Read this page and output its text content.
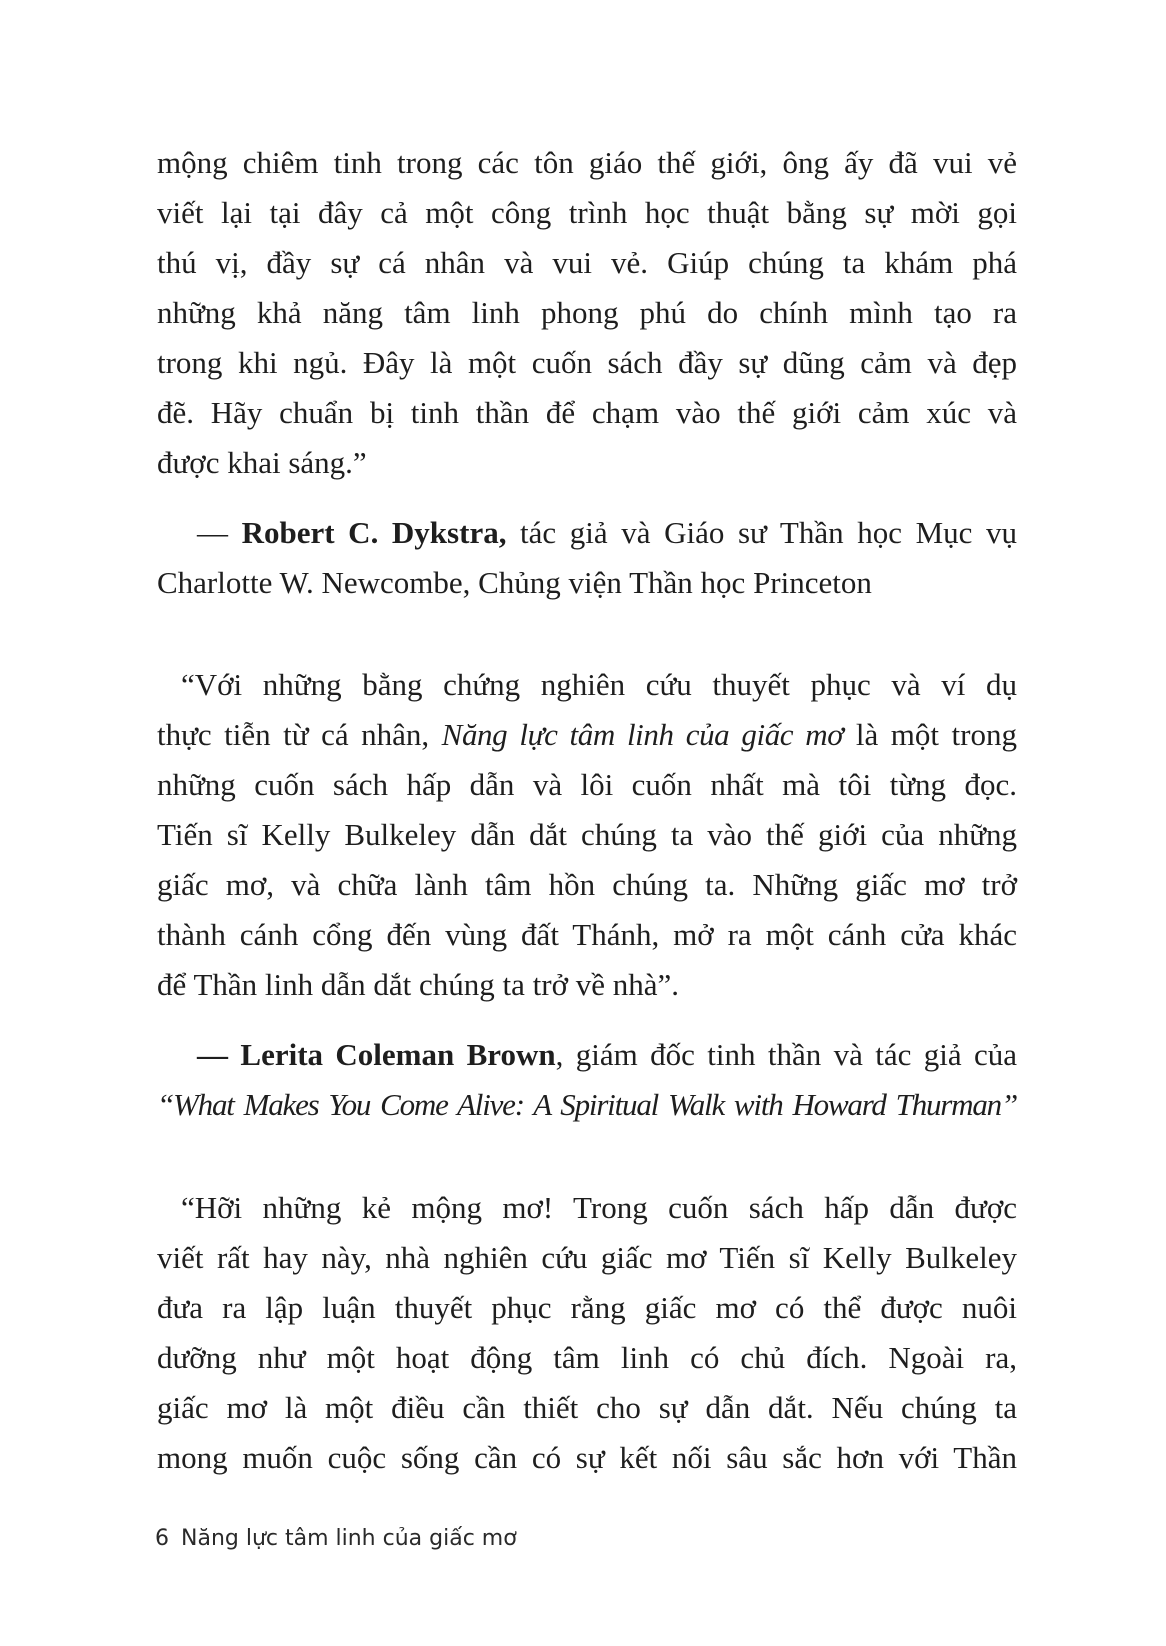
mộng chiêm tinh trong các tôn giáo thế giới, ông ấy đã vui vẻ
viết lại tại đây cả một công trình học thuật bằng sự mời gọi
thú vị, đầy sự cá nhân và vui vẻ. Giúp chúng ta khám phá
những khả năng tâm linh phong phú do chính mình tạo ra
trong khi ngủ. Đây là một cuốn sách đầy sự dũng cảm và đẹp
đẽ. Hãy chuẩn bị tinh thần để chạm vào thế giới cảm xúc và
được khai sáng.”
— Robert C. Dykstra, tác giả và Giáo sư Thần học Mục vụ
Charlotte W. Newcombe, Chủng viện Thần học Princeton
“Với những bằng chứng nghiên cứu thuyết phục và ví dụ
thực tiễn từ cá nhân, Năng lực tâm linh của giấc mơ là một trong
những cuốn sách hấp dẫn và lôi cuốn nhất mà tôi từng đọc.
Tiến sĩ Kelly Bulkeley dẫn dắt chúng ta vào thế giới của những
giấc mơ, và chữa lành tâm hồn chúng ta. Những giấc mơ trở
thành cánh cổng đến vùng đất Thánh, mở ra một cánh cửa khác
để Thần linh dẫn dắt chúng ta trở về nhà”.
— Lerita Coleman Brown, giám đốc tinh thần và tác giả của
“What Makes You Come Alive: A Spiritual Walk with Howard Thurman”
“Hỡi những kẻ mộng mơ! Trong cuốn sách hấp dẫn được
viết rất hay này, nhà nghiên cứu giấc mơ Tiến sĩ Kelly Bulkeley
đưa ra lập luận thuyết phục rằng giấc mơ có thể được nuôi
dưỡng như một hoạt động tâm linh có chủ đích. Ngoài ra,
giấc mơ là một điều cần thiết cho sự dẫn dắt. Nếu chúng ta
mong muốn cuộc sống cần có sự kết nối sâu sắc hơn với Thần
6 Năng lực tâm linh của giấc mơ
